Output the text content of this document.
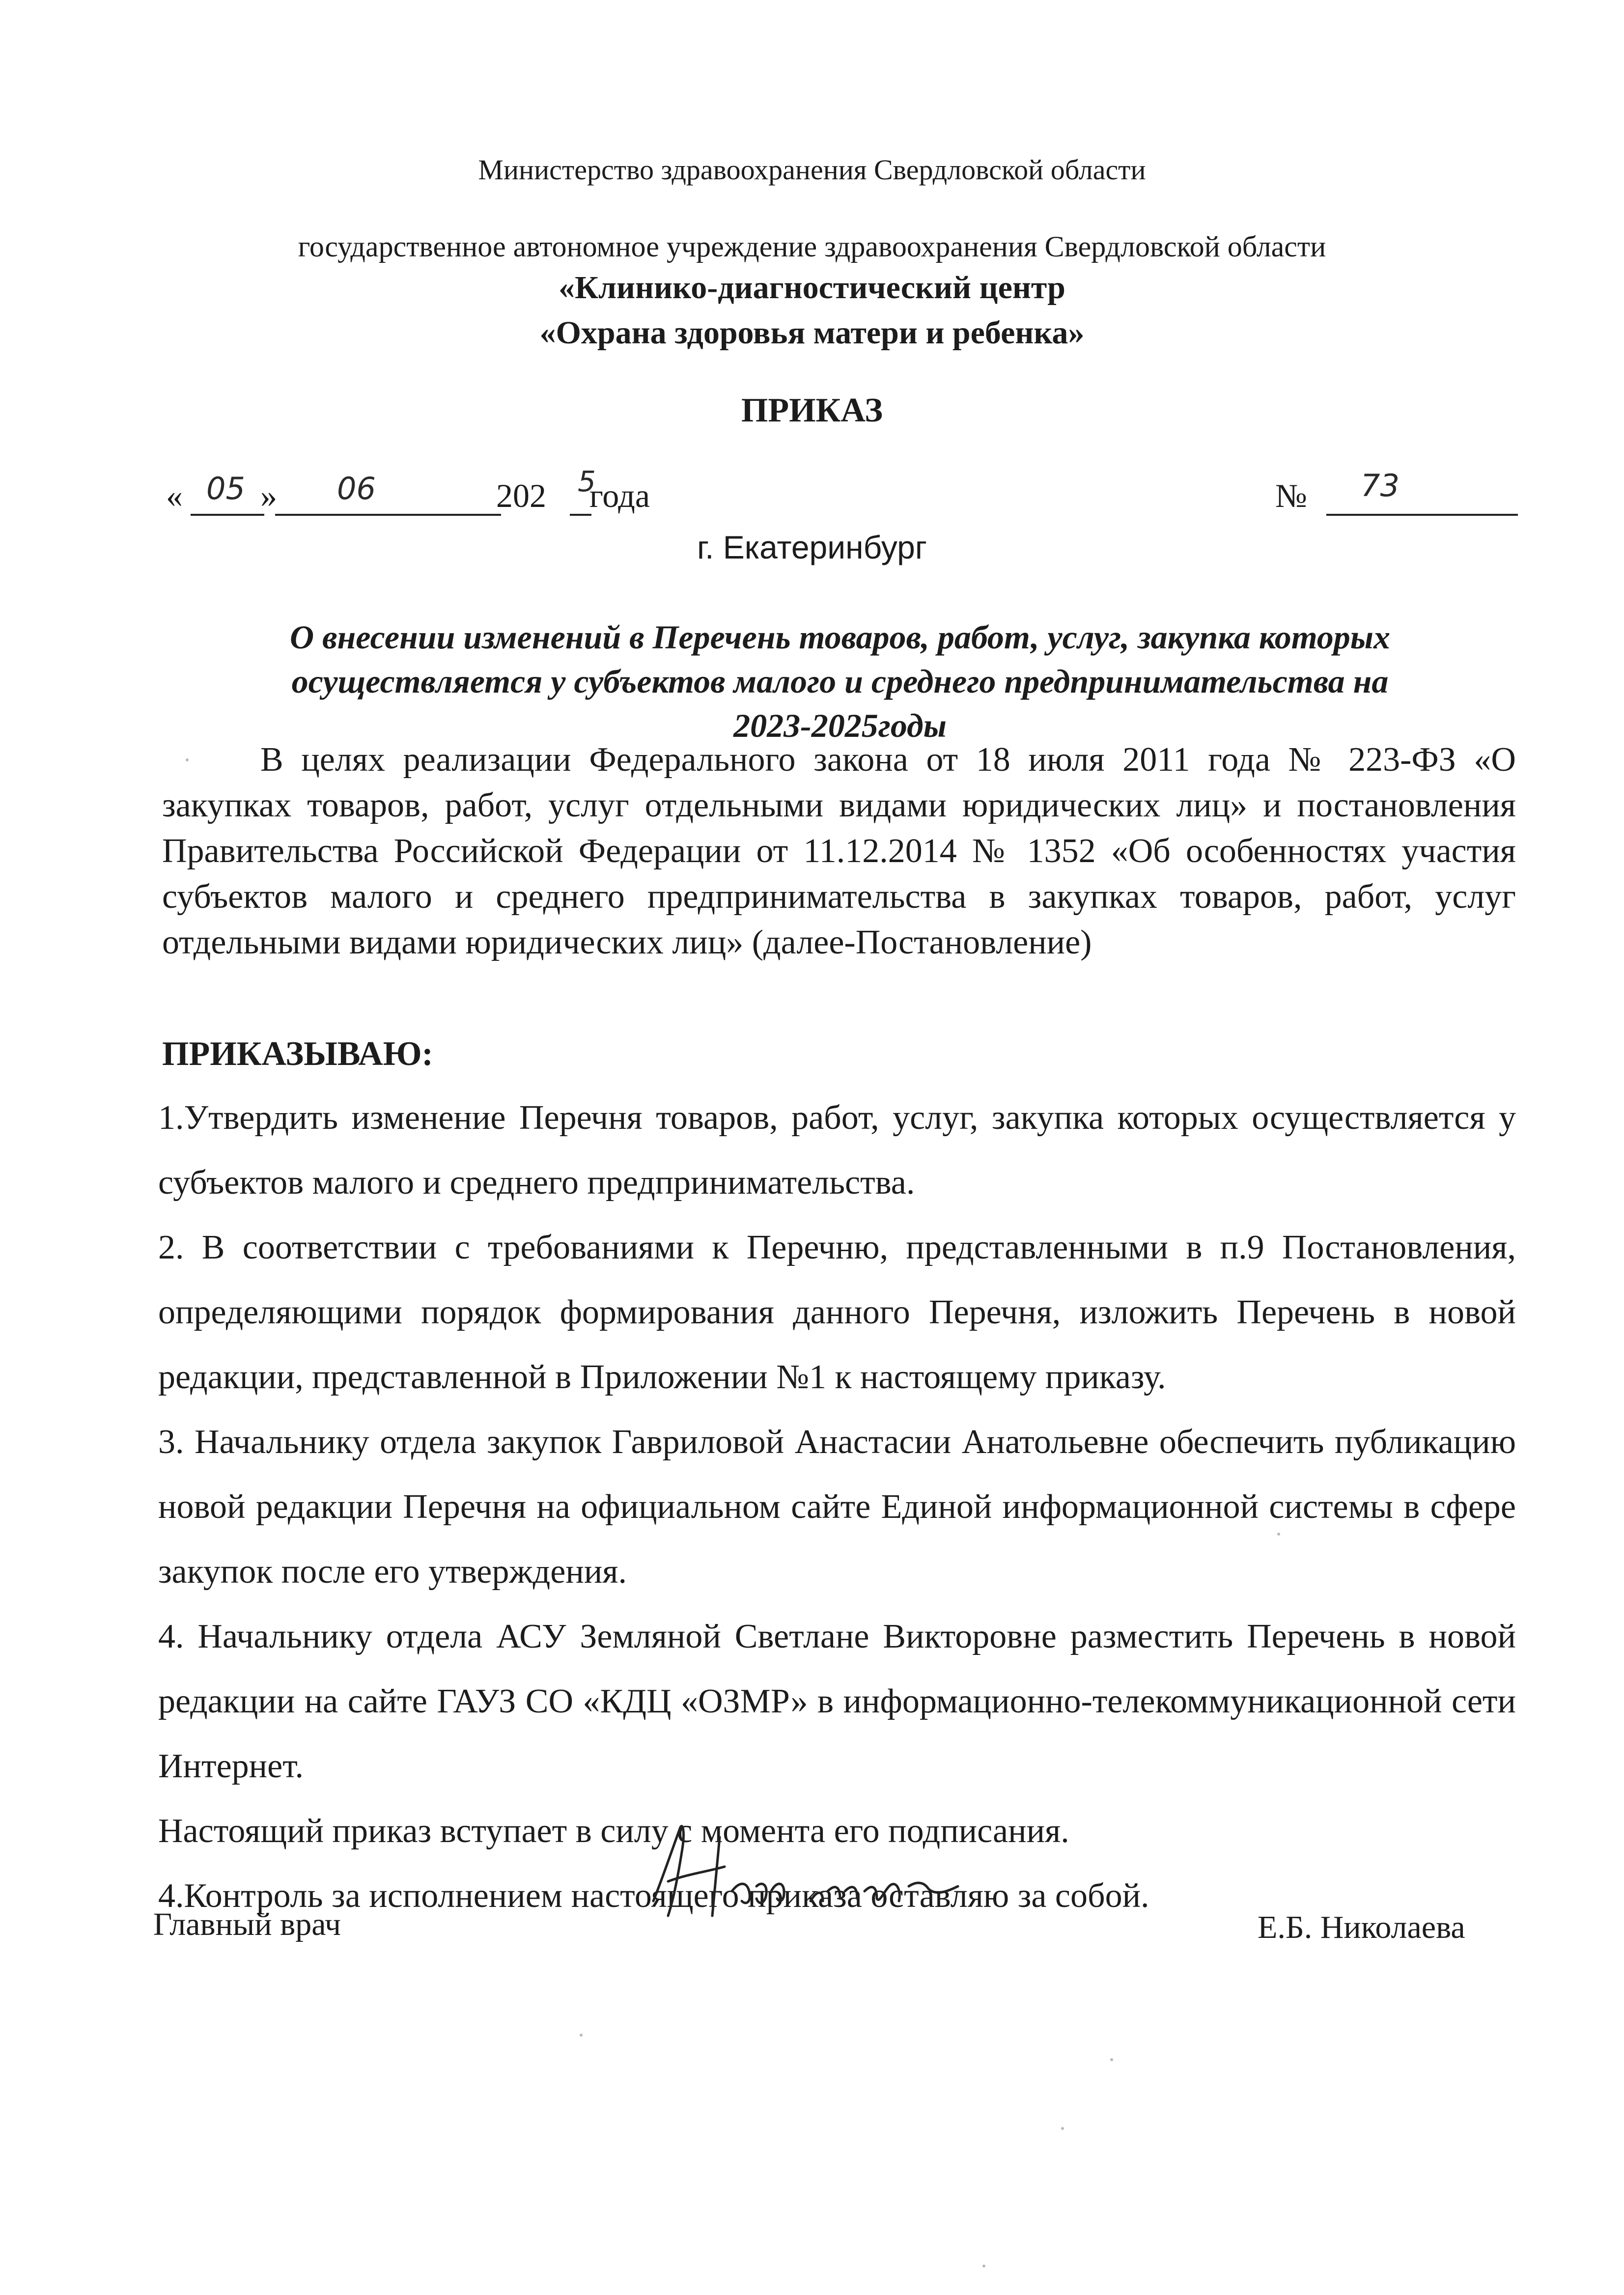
Министерство здравоохранения Свердловской области
государственное автономное учреждение здравоохранения Свердловской области
«Клинико-диагностический центр
«Охрана здоровья матери и ребенка»
ПРИКАЗ
« 05 » 06	202 5
года	№ 73
г. Екатеринбург
О внесении изменений в Перечень товаров, работ, услуг, закупка которых
осуществляется у субъектов малого и среднего предпринимательства на
2023-2025годы
В целях реализации Федерального закона от 18 июля 2011 года № 223-ФЗ «О закупках товаров, работ, услуг отдельными видами юридических лиц» и постановления Правительства Российской Федерации от 11.12.2014 № 1352 «Об особенностях участия субъектов малого и среднего предпринимательства в закупках товаров, работ, услуг отдельными видами юридических лиц» (далее-Постановление)
ПРИКАЗЫВАЮ:

1.Утвердить изменение Перечня товаров, работ, услуг, закупка которых осуществляется у субъектов малого и среднего предпринимательства.

2. В соответствии с требованиями к Перечню, представленными в п.9 Постановления, определяющими порядок формирования данного Перечня, изложить Перечень в новой редакции, представленной в Приложении №1 к настоящему приказу.

3. Начальнику отдела закупок Гавриловой Анастасии Анатольевне обеспечить публикацию новой редакции Перечня на официальном сайте Единой информационной системы в сфере закупок после его утверждения.

4. Начальнику отдела АСУ Земляной Светлане Викторовне разместить Перечень в новой редакции на сайте ГАУЗ СО «КДЦ «ОЗМР» в информационно-телекоммуникационной сети Интернет.

Настоящий приказ вступает в силу с момента его подписания.

4.Контроль за исполнением настоящего приказа оставляю за собой.

Главный врач	Е.Б. Николаева
